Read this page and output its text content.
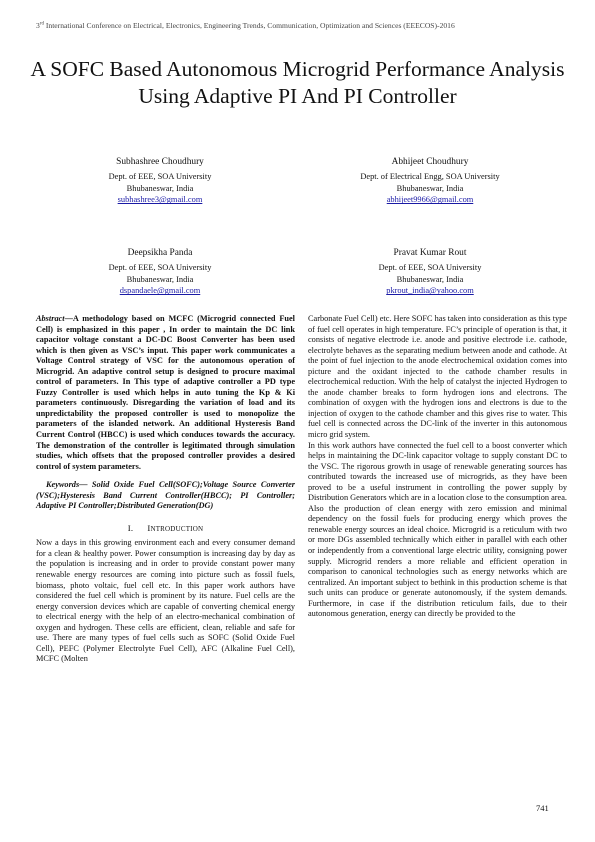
3rd International Conference on Electrical, Electronics, Engineering Trends, Communication, Optimization and Sciences (EEECOS)-2016
A SOFC Based Autonomous Microgrid Performance Analysis Using Adaptive PI And PI Controller
Subhashree Choudhury
Dept. of EEE, SOA University
Bhubaneswar, India
subhashree3@gmail.com
Abhijeet Choudhury
Dept. of Electrical Engg, SOA University
Bhubaneswar, India
abhijeet9966@gmail.com
Deepsikha Panda
Dept. of EEE, SOA University
Bhubaneswar, India
dspandaele@gmail.com
Pravat Kumar Rout
Dept. of EEE, SOA University
Bhubaneswar, India
pkrout_india@yahoo.com

Abstract—A methodology based on MCFC (Microgrid connected Fuel Cell) is emphasized in this paper , In order to maintain the DC link capacitor voltage constant a DC-DC Boost Converter has been used which is then given as VSC’s input. This paper work communicates a Voltage Control strategy of VSC for the autonomous operation of Microgrid. An adaptive control setup is designed to procure maximal control of parameters. In This type of adaptive controller a PD type Fuzzy Controller is used which helps in auto tuning the Kp & Ki parameters continuously. Disregarding the variation of load and its unpredictability the proposed controller is used to monopolize the parameters of the islanded network. An additional Hysteresis Band Current Control (HBCC) is used which conduces towards the accuracy. The demonstration of the controller is legitimated through simulation studies, which offsets that the proposed controller provides a desired control of system parameters.

Keywords— Solid Oxide Fuel Cell(SOFC);Voltage Source Converter (VSC);Hysteresis Band Current Controller(HBCC); PI Controller; Adaptive PI Controller;Distributed Generation(DG)

I. INTRODUCTION

Now a days in this growing environment each and every consumer demand for a clean & healthy power. Power consumption is increasing day by day as the population is increasing and in order to provide constant power many renewable energy resources are coming into picture such as fossil fuels, biomass, photo voltaic, fuel cell etc. In this paper work authors have considered the fuel cell which is prominent by its nature. Fuel cells are the energy conversion devices which are capable of converting chemical energy to electrical energy with the help of an electro-mechanical combination of oxygen and hydrogen. These cells are efficient, clean, reliable and safe for use. There are many types of fuel cells such as SOFC (Solid Oxide Fuel Cell), PEFC (Polymer Electrolyte Fuel Cell), AFC (Alkaline Fuel Cell), MCFC (Molten

Carbonate Fuel Cell) etc. Here SOFC has taken into consideration as this type of fuel cell operates in high temperature. FC’s principle of operation is that, it consists of negative electrode i.e. anode and positive electrode i.e. cathode, electrolyte behaves as the separating medium between anode and cathode. At the point of fuel injection to the anode electrochemical oxidation comes into picture and the oxidant injected to the cathode chamber results in electrochemical reduction. With the help of catalyst the injected Hydrogen to the anode chamber breaks to form hydrogen ions and electrons. The combination of oxygen with the hydrogen ions and electrons is due to the injection of oxygen to the cathode chamber and this gives rise to water. This fuel cell is connected across the DC-link of the inverter in this autonomous micro grid system.

In this work authors have connected the fuel cell to a boost converter which helps in maintaining the DC-link capacitor voltage to supply constant DC to the VSC. The rigorous growth in usage of renewable generating sources has contributed towards the increased use of microgrids, as they have been proved to be a useful instrument in controlling the power supply by Distribution Generators which are in a location close to the consumption area. Also the production of clean energy with zero emission and minimal dependency on the fossil fuels for producing energy which proves the renewable energy sources an ideal choice. Microgrid is a reticulum with two or more DGs assembled technically which either in parallel with each other or independently from a conventional large electric utility, consigning power supply. Microgrid renders a more reliable and efficient operation in comparison to canonical technologies such as energy networks which are centralized. An important subject to bethink in this production scheme is that such units can produce or generate autonomously, if the system demands. Furthermore, in case if the distribution reticulum fails, due to their autonomous generation, energy can directly be provided to the

741
